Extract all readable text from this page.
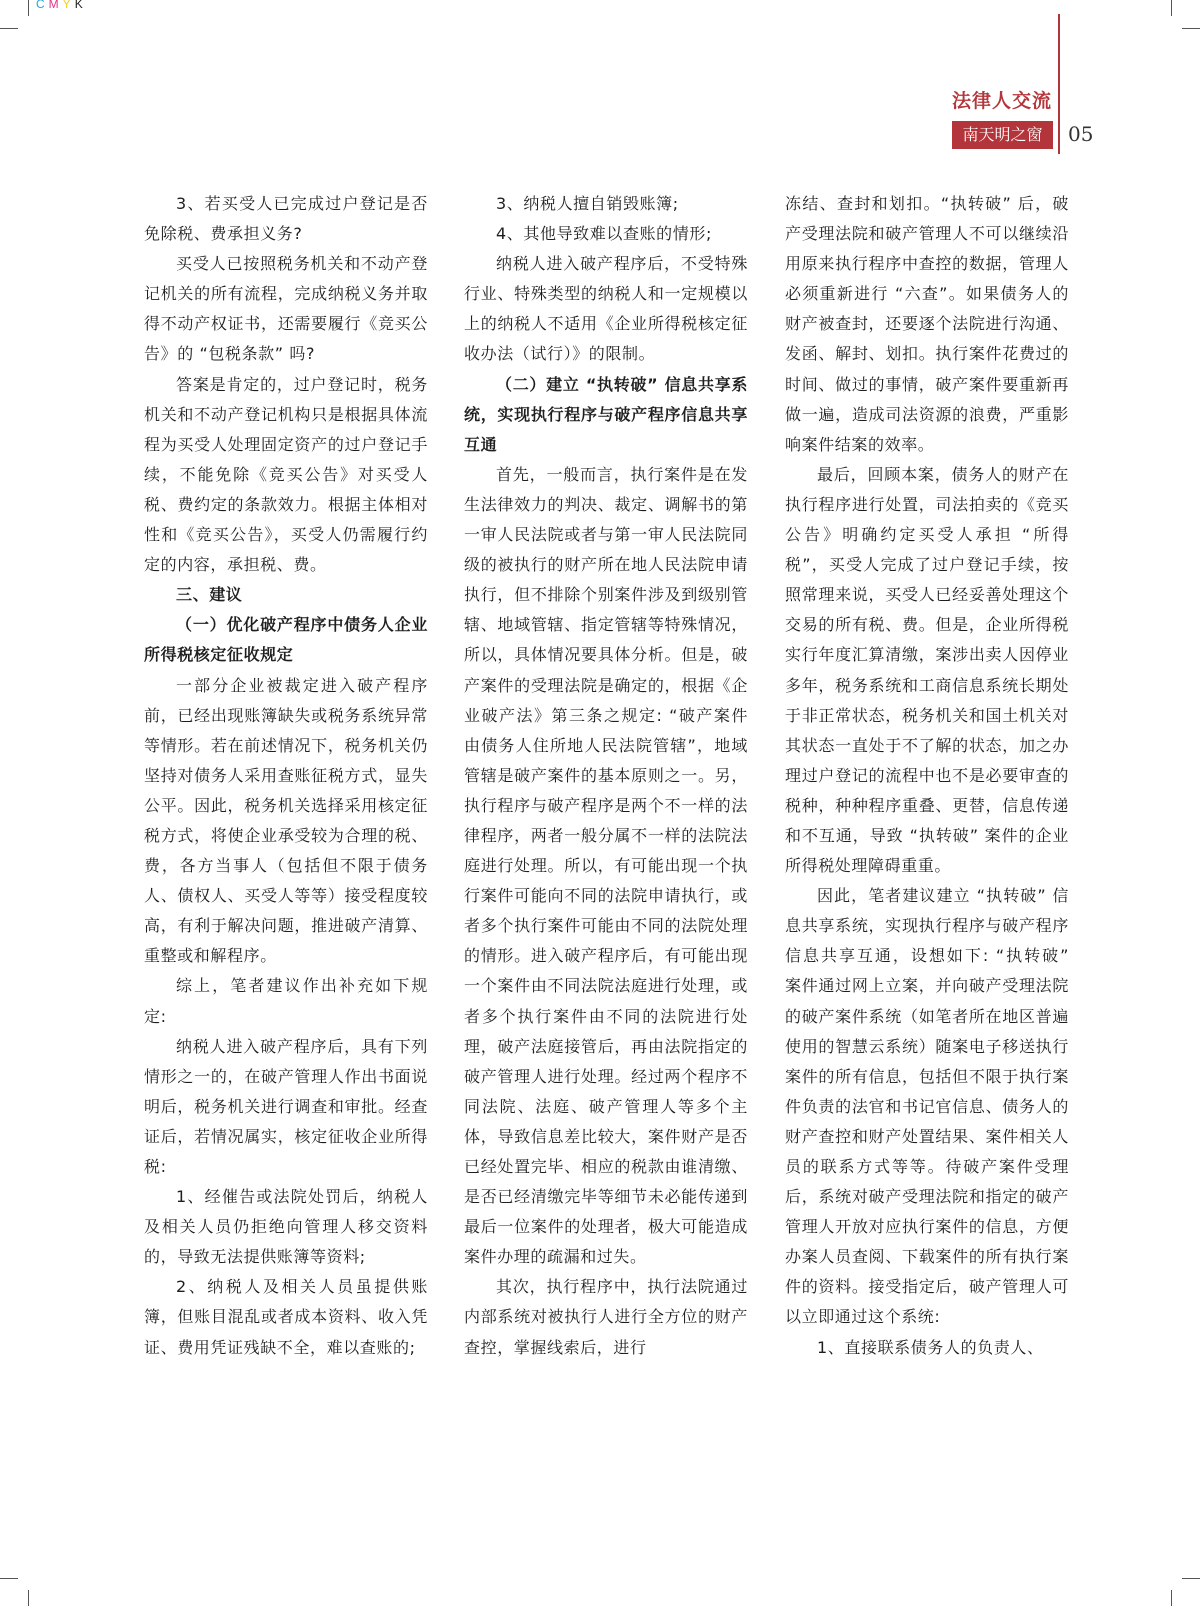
CMYK
法律人交流
南天明之窗	05

3、若买受人已完成过户登记是否免除税、费承担义务?

买受人已按照税务机关和不动产登记机关的所有流程，完成纳税义务并取得不动产权证书，还需要履行《竞买公告》的 “包税条款” 吗?

答案是肯定的，过户登记时，税务机关和不动产登记机构只是根据具体流程为买受人处理固定资产的过户登记手续，不能免除《竞买公告》对买受人税、费约定的条款效力。根据主体相对性和《竞买公告》，买受人仍需履行约定的内容，承担税、费。

三、建议

（一）优化破产程序中债务人企业所得税核定征收规定

一部分企业被裁定进入破产程序前，已经出现账簿缺失或税务系统异常等情形。若在前述情况下，税务机关仍坚持对债务人采用查账征税方式，显失公平。因此，税务机关选择采用核定征税方式，将使企业承受较为合理的税、费，各方当事人（包括但不限于债务人、债权人、买受人等等）接受程度较高，有利于解决问题，推进破产清算、重整或和解程序。

综上，笔者建议作出补充如下规定:

纳税人进入破产程序后，具有下列情形之一的，在破产管理人作出书面说明后，税务机关进行调查和审批。经查证后，若情况属实，核定征收企业所得税:

1、经催告或法院处罚后，纳税人及相关人员仍拒绝向管理人移交资料的，导致无法提供账簿等资料;

2、纳税人及相关人员虽提供账簿，但账目混乱或者成本资料、收入凭证、费用凭证残缺不全，难以查账的;

3、纳税人擅自销毁账簿;

4、其他导致难以查账的情形;

纳税人进入破产程序后，不受特殊行业、特殊类型的纳税人和一定规模以上的纳税人不适用《企业所得税核定征收办法（试行）》的限制。

（二）建立 “执转破” 信息共享系统，实现执行程序与破产程序信息共享互通

首先，一般而言，执行案件是在发生法律效力的判决、裁定、调解书的第一审人民法院或者与第一审人民法院同级的被执行的财产所在地人民法院申请执行，但不排除个别案件涉及到级别管辖、地域管辖、指定管辖等特殊情况，所以，具体情况要具体分析。但是，破产案件的受理法院是确定的，根据《企业破产法》第三条之规定: “破产案件由债务人住所地人民法院管辖”，地域管辖是破产案件的基本原则之一。另，执行程序与破产程序是两个不一样的法律程序，两者一般分属不一样的法院法庭进行处理。所以，有可能出现一个执行案件可能向不同的法院申请执行，或者多个执行案件可能由不同的法院处理的情形。进入破产程序后，有可能出现一个案件由不同法院法庭进行处理，或者多个执行案件由不同的法院进行处理，破产法庭接管后，再由法院指定的破产管理人进行处理。经过两个程序不同法院、法庭、破产管理人等多个主体，导致信息差比较大，案件财产是否已经处置完毕、相应的税款由谁清缴、是否已经清缴完毕等细节未必能传递到最后一位案件的处理者，极大可能造成案件办理的疏漏和过失。

其次，执行程序中，执行法院通过内部系统对被执行人进行全方位的财产查控，掌握线索后，进行

冻结、查封和划扣。“执转破” 后，破产受理法院和破产管理人不可以继续沿用原来执行程序中查控的数据，管理人必须重新进行 “六查”。如果债务人的财产被查封，还要逐个法院进行沟通、发函、解封、划扣。执行案件花费过的时间、做过的事情，破产案件要重新再做一遍，造成司法资源的浪费，严重影响案件结案的效率。

最后，回顾本案，债务人的财产在执行程序进行处置，司法拍卖的《竞买公告》明确约定买受人承担 “所得税”，买受人完成了过户登记手续，按照常理来说，买受人已经妥善处理这个交易的所有税、费。但是，企业所得税实行年度汇算清缴，案涉出卖人因停业多年，税务系统和工商信息系统长期处于非正常状态，税务机关和国土机关对其状态一直处于不了解的状态，加之办理过户登记的流程中也不是必要审查的税种，种种程序重叠、更替，信息传递和不互通，导致 “执转破” 案件的企业所得税处理障碍重重。

因此，笔者建议建立 “执转破” 信息共享系统，实现执行程序与破产程序信息共享互通，设想如下: “执转破” 案件通过网上立案，并向破产受理法院的破产案件系统（如笔者所在地区普遍使用的智慧云系统）随案电子移送执行案件的所有信息，包括但不限于执行案件负责的法官和书记官信息、债务人的财产查控和财产处置结果、案件相关人员的联系方式等等。待破产案件受理后，系统对破产受理法院和指定的破产管理人开放对应执行案件的信息，方便办案人员查阅、下载案件的所有执行案件的资料。接受指定后，破产管理人可以立即通过这个系统:

1、直接联系债务人的负责人、
